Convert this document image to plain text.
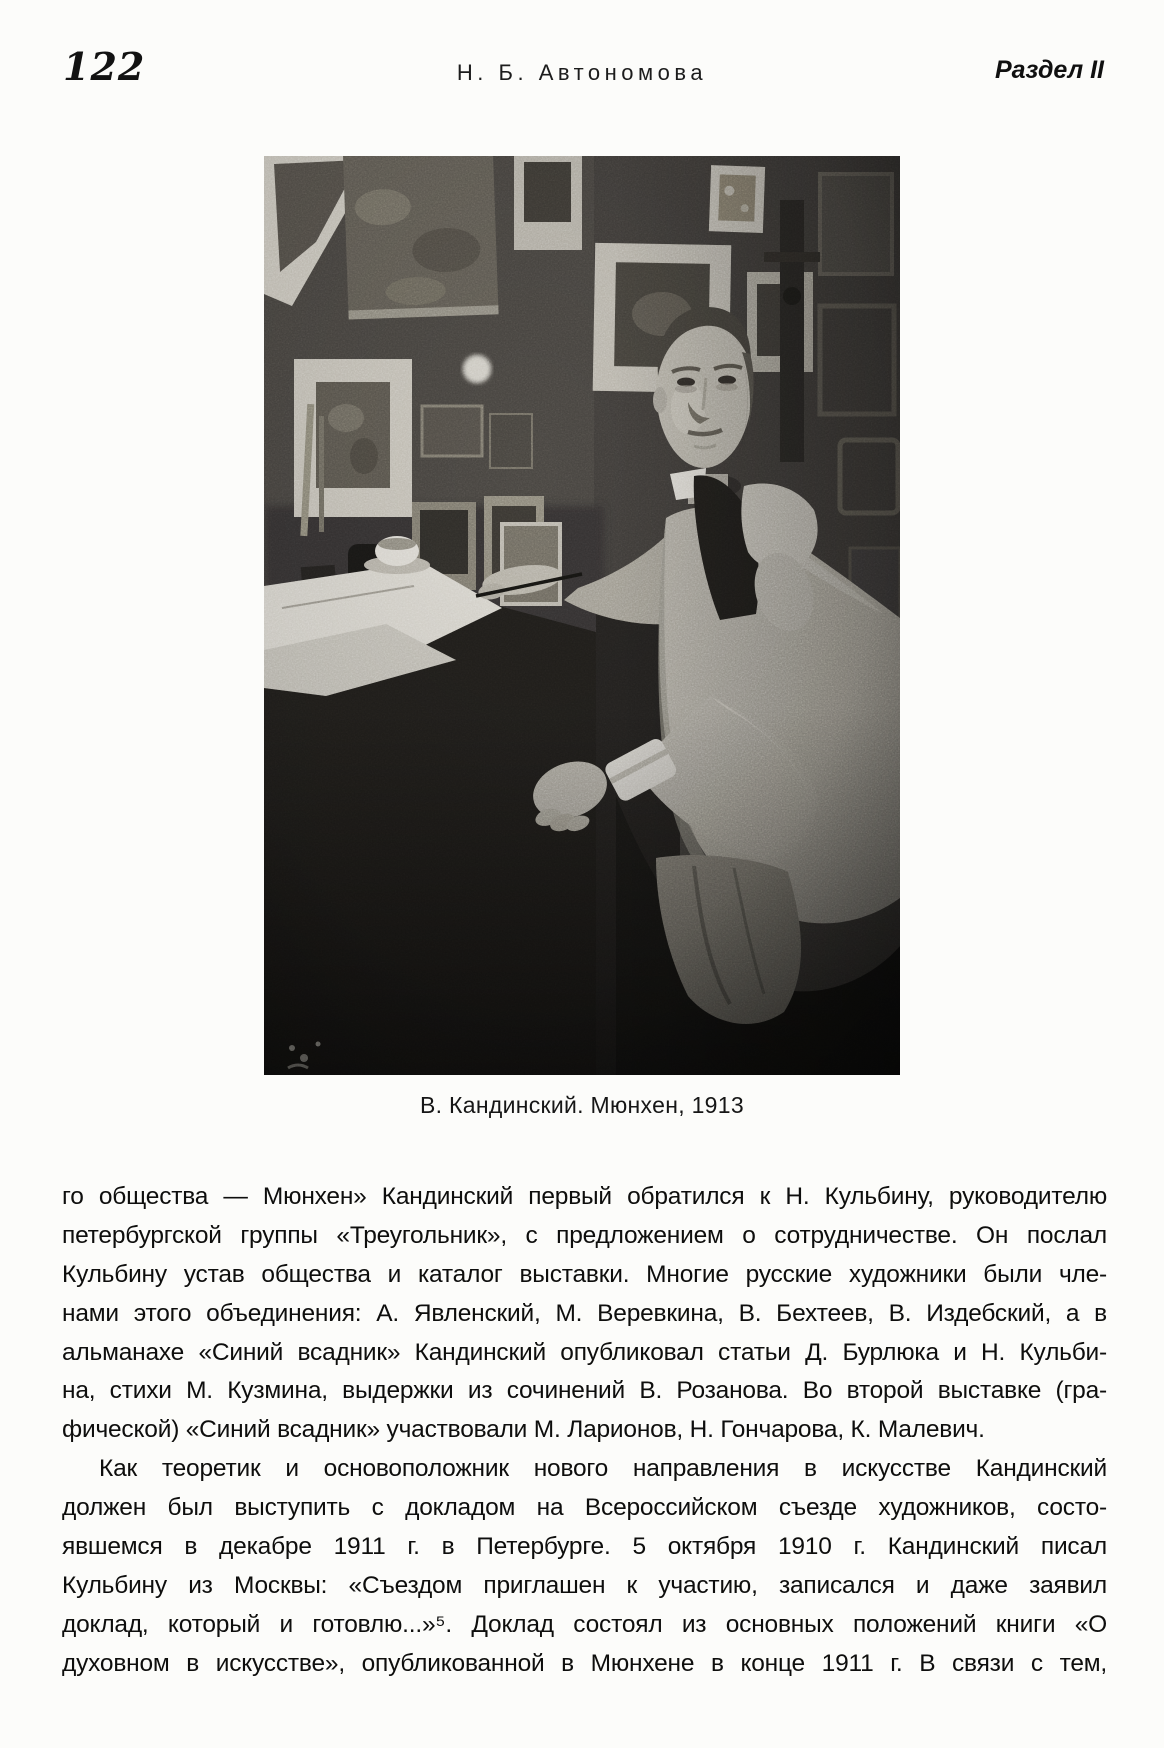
122	Н. Б. Автономова	Раздел II
В. Кандинский. Мюнхен, 1913
го общества — Мюнхен» Кандинский первый обратился к Н. Кульбину, руководителю
петербургской группы «Треугольник», с предложением о сотрудничестве. Он послал
Кульбину устав общества и каталог выставки. Многие русские художники были чле-
нами этого объединения: А. Явленский, М. Веревкина, В. Бехтеев, В. Издебский, а в
альманахе «Синий всадник» Кандинский опубликовал статьи Д. Бурлюка и Н. Кульби-
на, стихи М. Кузмина, выдержки из сочинений В. Розанова. Во второй выставке (гра-
фической) «Синий всадник» участвовали М. Ларионов, Н. Гончарова, К. Малевич.
Как теоретик и основоположник нового направления в искусстве Кандинский
должен был выступить с докладом на Всероссийском съезде художников, состо-
явшемся в декабре 1911 г. в Петербурге. 5 октября 1910 г. Кандинский писал
Кульбину из Москвы: «Съездом приглашен к участию, записался и даже заявил
доклад, который и готовлю...»⁵. Доклад состоял из основных положений книги «О
духовном в искусстве», опубликованной в Мюнхене в конце 1911 г. В связи с тем,
